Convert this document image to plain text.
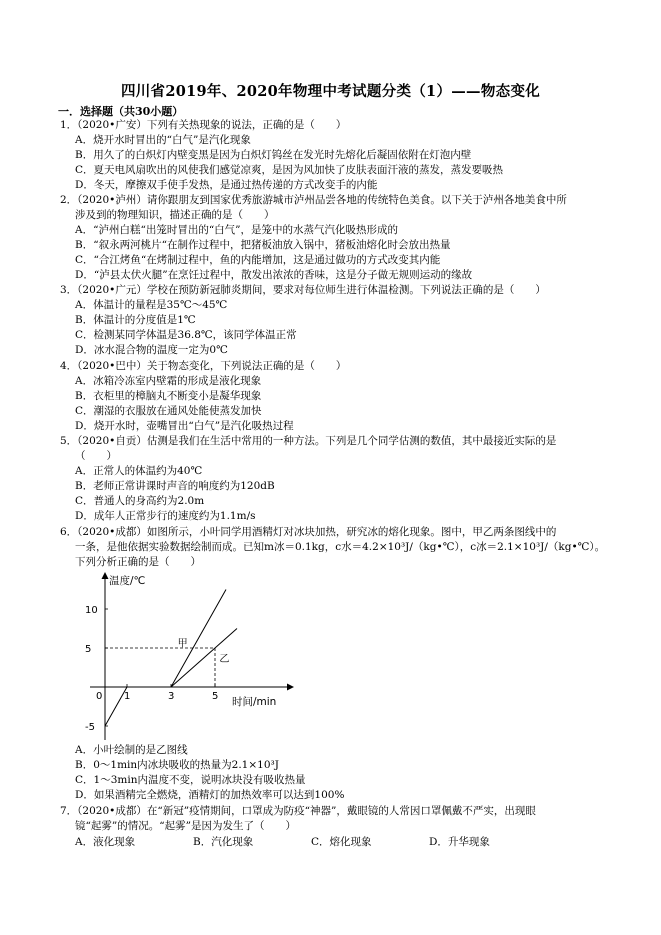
四川省2019年、2020年物理中考试题分类（1）——物态变化
一．选择题（共30小题）
1．（2020•广安）下列有关热现象的说法，正确的是（　　）
A．烧开水时冒出的“白气”是汽化现象
B．用久了的白炽灯内壁变黑是因为白炽灯钨丝在发光时先熔化后凝固依附在灯泡内壁
C．夏天电风扇吹出的风使我们感觉凉爽，是因为风加快了皮肤表面汗液的蒸发，蒸发要吸热
D．冬天，摩擦双手使手发热，是通过热传递的方式改变手的内能
2．（2020•泸州）请你跟朋友到国家优秀旅游城市泸州品尝各地的传统特色美食。以下关于泸州各地美食中所
涉及到的物理知识，描述正确的是（　　）
A．“泸州白糕“出笼时冒出的“白气”，是笼中的水蒸气汽化吸热形成的
B．“叙永两河桃片“在制作过程中，把猪板油放入锅中，猪板油熔化时会放出热量
C．“合江烤鱼“在烤制过程中，鱼的内能增加，这是通过做功的方式改变其内能
D．“泸县太伏火腿”在烹饪过程中，散发出浓浓的香味，这是分子做无规则运动的缘故
3．（2020•广元）学校在预防新冠肺炎期间，要求对每位师生进行体温检测。下列说法正确的是（　　）
A．体温计的量程是35℃～45℃
B．体温计的分度值是1℃
C．检测某同学体温是36.8℃，该同学体温正常
D．冰水混合物的温度一定为0℃
4．（2020•巴中）关于物态变化，下列说法正确的是（　　）
A．冰箱冷冻室内壁霜的形成是液化现象
B．衣柜里的樟脑丸不断变小是凝华现象
C．潮湿的衣服放在通风处能使蒸发加快
D．烧开水时，壶嘴冒出“白气”是汽化吸热过程
5．（2020•自贡）估测是我们在生活中常用的一种方法。下列是几个同学估测的数值，其中最接近实际的是
（　　）
A．正常人的体温约为40℃
B．老师正常讲课时声音的响度约为120dB
C．普通人的身高约为2.0m
D．成年人正常步行的速度约为1.1m/s
6．（2020•成都）如图所示，小叶同学用酒精灯对冰块加热，研究冰的熔化现象。图中，甲乙两条图线中的
一条，是他依据实验数据绘制而成。已知m冰＝0.1kg，c水＝4.2×10³J/（kg•℃），c冰＝2.1×10³J/（kg•℃）。
下列分析正确的是（　　）
甲
乙
0 1	3	5
-5
5
10
温度/℃
时间/min
A．小叶绘制的是乙图线
B．0～1min内冰块吸收的热量为2.1×10³J
C．1～3min内温度不变，说明冰块没有吸收热量
D．如果酒精完全燃烧，酒精灯的加热效率可以达到100%
7．（2020•成都）在“新冠”疫情期间，口罩成为防疫“神器”，戴眼镜的人常因口罩佩戴不严实，出现眼
镜“起雾”的情况。“起雾”是因为发生了（　　）
A．液化现象	B．汽化现象	C．熔化现象	D．升华现象
